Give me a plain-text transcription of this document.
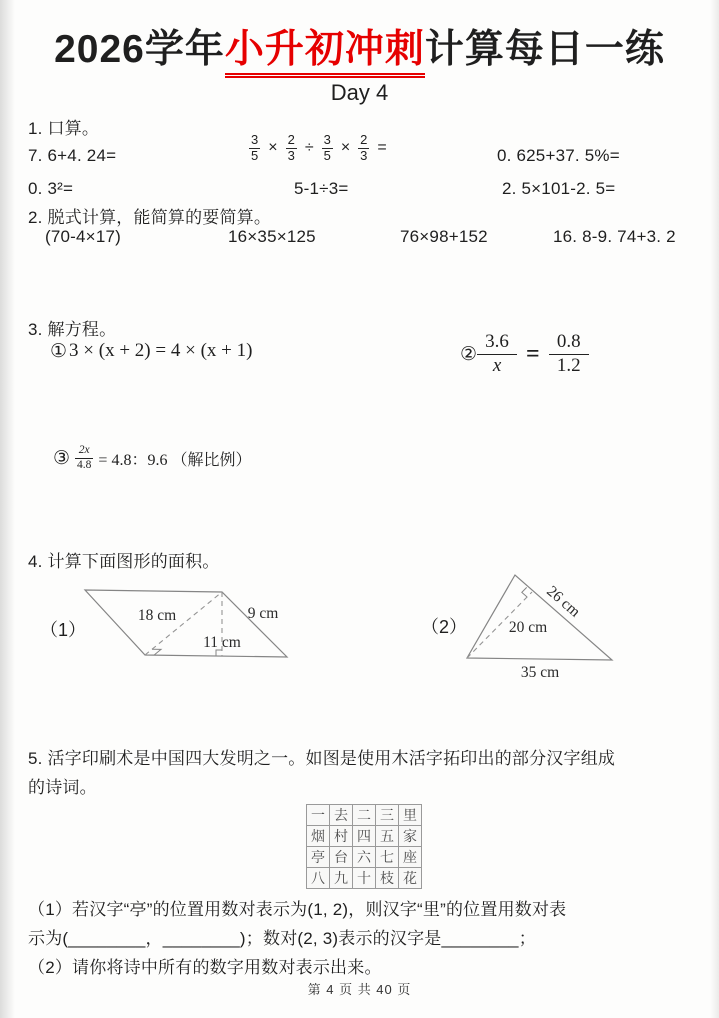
2026学年小升初冲刺计算每日一练
Day 4
1. 口算。
7. 6+4. 24=	$\frac{3}{5} \times \frac{2}{3} \div \frac{3}{5} \times \frac{2}{3}$ =	0. 625+37. 5%=
0. 3²=	5-1÷3=	2. 5×101-2. 5=
2. 脱式计算，能简算的要简算。
(70-4×17)	16×35×125	76×98+152	16. 8-9. 74+3. 2
3. 解方程。
① 3 × (x + 2) = 4 × (x + 1)	② $\frac{3.6}{x} = \frac{0.8}{1.2}$
③ $\frac{2x}{4.8} = 4.8$：9.6 （解比例）
4. 计算下面图形的面积。
（1）
18 cm	9 cm
11 cm
（2）
26 cm
20 cm
35 cm
5. 活字印刷术是中国四大发明之一。如图是使用木活字拓印出的部分汉字组成
的诗词。
一	去	二	三	里
烟	村	四	五	家
亭	台	六	七	座
八	九	十	枝	花
（1）若汉字“亭”的位置用数对表示为(1, 2)，则汉字“里”的位置用数对表
示为(________，________)；数对(2, 3)表示的汉字是________；
（2）请你将诗中所有的数字用数对表示出来。
第 4 页 共 40 页
